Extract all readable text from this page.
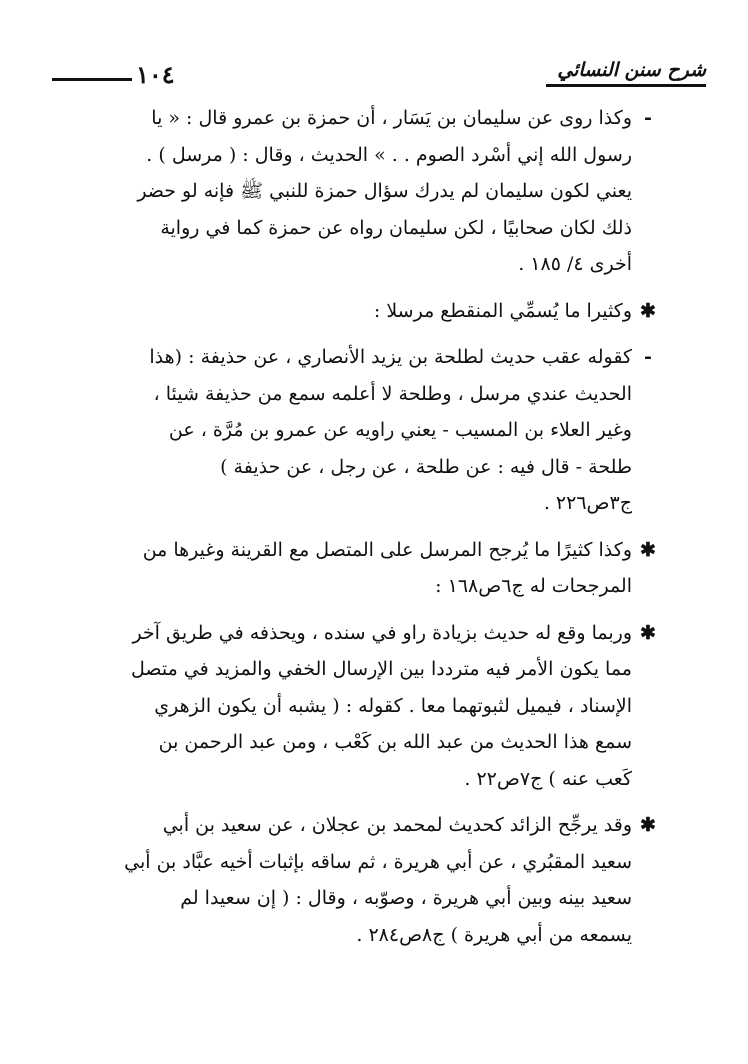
شرح سنن النسائي
١٠٤
-
وكذا روى عن سليمان بن يَسَار ، أن حمزة بن عمرو قال : « يا
رسول الله إني أسْرد الصوم . . » الحديث ، وقال : ( مرسل ) .
يعني لكون سليمان لم يدرك سؤال حمزة للنبي ﷺ فإنه لو حضر
ذلك لكان صحابيًا ، لكن سليمان رواه عن حمزة كما في رواية
أخرى ٤/ ١٨٥ .
✱
وكثيرا ما يُسمِّي المنقطع مرسلا :
-
كقوله عقب حديث لطلحة بن يزيد الأنصاري ، عن حذيفة : (هذا
الحديث عندي مرسل ، وطلحة لا أعلمه سمع من حذيفة شيئا ،
وغير العلاء بن المسيب - يعني راويه عن عمرو بن مُرَّة ، عن
طلحة - قال فيه : عن طلحة ، عن رجل ، عن حذيفة )
ج٣ص٢٢٦ .
✱
وكذا كثيرًا ما يُرجح المرسل على المتصل مع القرينة وغيرها من
المرجحات له ج٦ص١٦٨ :
✱
وربما وقع له حديث بزيادة راو في سنده ، ويحذفه في طريق آخر
مما يكون الأمر فيه مترددا بين الإرسال الخفي والمزيد في متصل
الإسناد ، فيميل لثبوتهما معا . كقوله : ( يشبه أن يكون الزهري
سمع هذا الحديث من عبد الله بن كَعْب ، ومن عبد الرحمن بن
كَعب عنه ) ج٧ص٢٢ .
✱
وقد يرجِّح الزائد كحديث لمحمد بن عجلان ، عن سعيد بن أبي
سعيد المقبُري ، عن أبي هريرة ، ثم ساقه بإثبات أخيه عبَّاد بن أبي
سعيد بينه وبين أبي هريرة ، وصوّبه ، وقال : ( إن سعيدا لم
يسمعه من أبي هريرة ) ج٨ص٢٨٤ .
